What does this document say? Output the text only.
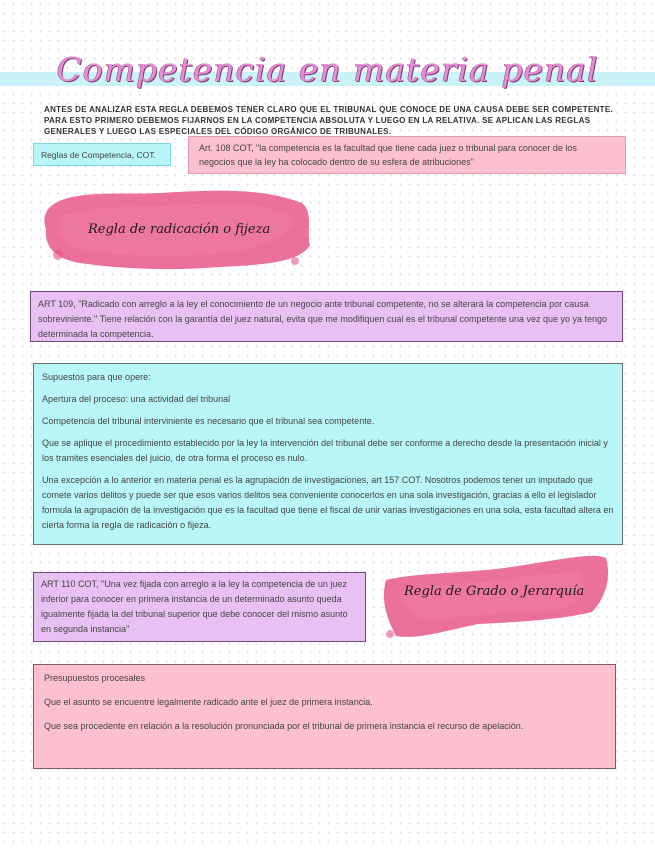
Competencia en materia penal
ANTES DE ANALIZAR ESTA REGLA DEBEMOS TENER CLARO QUE EL TRIBUNAL QUE CONOCE DE UNA CAUSA DEBE SER COMPETENTE. PARA ESTO PRIMERO DEBEMOS FIJARNOS EN LA COMPETENCIA ABSOLUTA Y LUEGO EN LA RELATIVA. SE APLICAN LAS REGLAS GENERALES Y LUEGO LAS ESPECIALES DEL CÓDIGO ORGÁNICO DE TRIBUNALES.
Reglas de Competencia, COT.
Art. 108 COT, "la competencia es la facultad que tiene cada juez o tribunal para conocer de los negocios que la ley ha colocado dentro de su esfera de atribuciones"
Regla de radicación o fijeza
ART 109, "Radicado con arreglo a la ley el conocimiento de un negocio ante tribunal competente, no se alterará la competencia por causa sobreviniente." Tiene relación con la garantía del juez natural, evita que me modifiquen cual es el tribunal competente una vez que yo ya tengo determinada la competencia.

Supuestos para que opere:

Apertura del proceso: una actividad del tribunal

Competencia del tribunal interviniente es necesario que el tribunal sea competente.

Que se aplique el procedimiento establecido por la ley la intervención del tribunal debe ser conforme a derecho desde la presentación inicial y los tramites esenciales del juicio, de otra forma el proceso es nulo.

Una excepción a lo anterior en materia penal es la agrupación de investigaciones, art 157 COT. Nosotros podemos tener un imputado que comete varios delitos y puede ser que esos varios delitos sea conveniente conocerlos en una sola investigación, gracias a ello el legislador formula la agrupación de la investigación que es la facultad que tiene el fiscal de unir varias investigaciones en una sola, esta facultad altera en cierta forma la regla de radicación o fijeza.

ART 110 COT, "Una vez fijada con arreglo a la ley la competencia de un juez inferior para conocer en primera instancia de un determinado asunto queda igualmente fijada la del tribunal superior que debe conocer del mismo asunto en segunda instancia"
Regla de Grado o Jerarquía

Presupuestos procesales

Que el asunto se encuentre legalmente radicado ante el juez de primera instancia.

Que sea procedente en relación a la resolución pronunciada por el tribunal de primera instancia el recurso de apelación.
